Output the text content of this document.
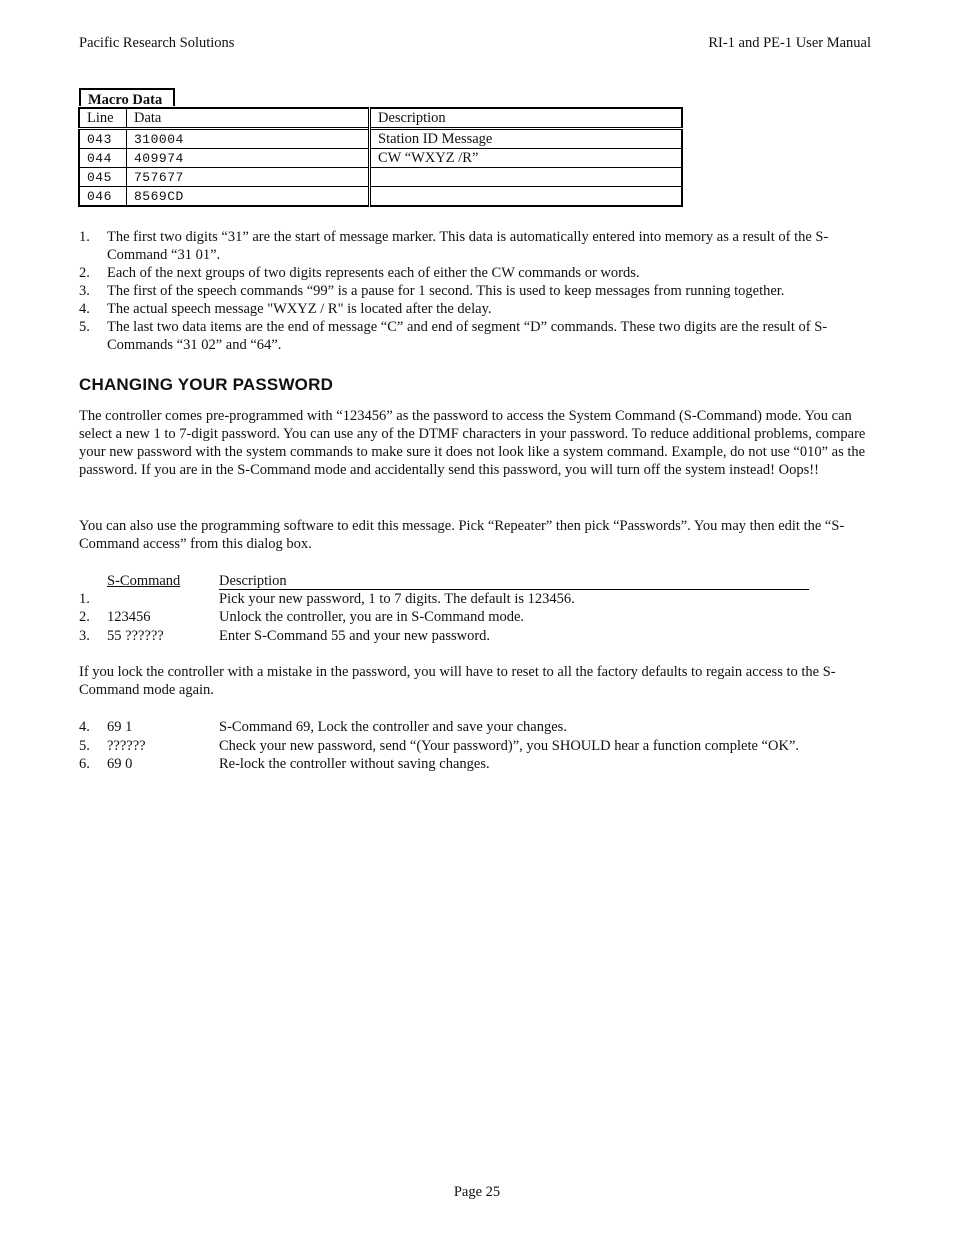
Pacific Research Solutions	RI-1 and PE-1 User Manual
Macro Data
Line	Data	Description
043	310004	Station ID Message
044	409974	CW “WXYZ /R”
045	757677	
046	8569CD	

1. The first two digits “31” are the start of message marker. This data is automatically entered into memory as a result of the S-Command “31 01”.

2. Each of the next groups of two digits represents each of either the CW commands or words.

3. The first of the speech commands “99” is a pause for 1 second. This is used to keep messages from running together.

4. The actual speech message "WXYZ / R" is located after the delay.

5. The last two data items are the end of message “C” and end of segment “D” commands. These two digits are the result of S-Commands “31 02” and “64”.

CHANGING YOUR PASSWORD

The controller comes pre-programmed with “123456” as the password to access the System Command (S-Command) mode. You can select a new 1 to 7-digit password. You can use any of the DTMF characters in your password. To reduce additional problems, compare your new password with the system commands to make sure it does not look like a system command. Example, do not use “010” as the password. If you are in the S-Command mode and accidentally send this password, you will turn off the system instead! Oops!!

You can also use the programming software to edit this message. Pick “Repeater” then pick “Passwords”. You may then edit the “S-Command access” from this dialog box.

S-Command	Description
1.	Pick your new password, 1 to 7 digits. The default is 123456.
2. 123456	Unlock the controller, you are in S-Command mode.
3. 55 ??????	Enter S-Command 55 and your new password.

If you lock the controller with a mistake in the password, you will have to reset to all the factory defaults to regain access to the S-Command mode again.

4. 69 1	S-Command 69, Lock the controller and save your changes.
5. ??????	Check your new password, send “(Your password)”, you SHOULD hear a function complete “OK”.
6. 69 0	Re-lock the controller without saving changes.
Page 25
